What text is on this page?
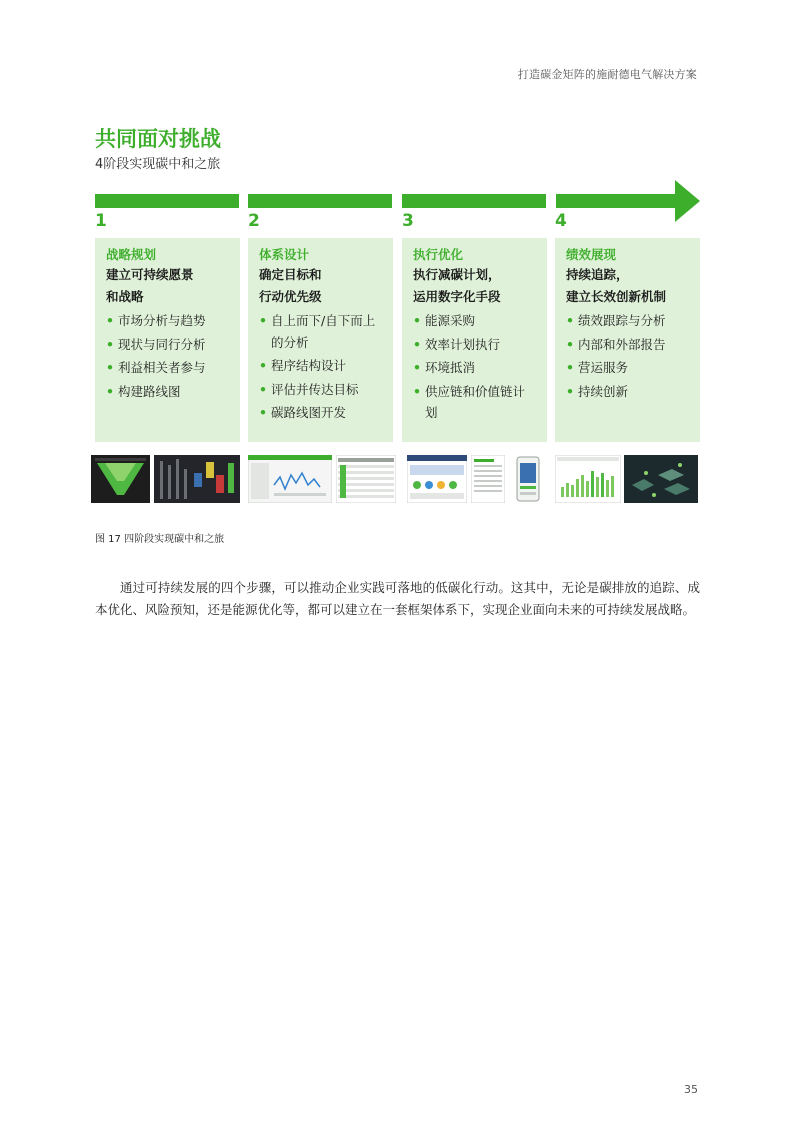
打造碳金矩阵的施耐德电气解决方案
共同面对挑战
4阶段实现碳中和之旅
1
战略规划
建立可持续愿景
和战略
• 市场分析与趋势
• 现状与同行分析
• 利益相关者参与
• 构建路线图
2
体系设计
确定目标和
行动优先级
• 自上而下/自下而上的分析
• 程序结构设计
• 评估并传达目标
• 碳路线图开发
3
执行优化
执行减碳计划，
运用数字化手段
• 能源采购
• 效率计划执行
• 环境抵消
• 供应链和价值链计划
4
绩效展现
持续追踪，
建立长效创新机制
• 绩效跟踪与分析
• 内部和外部报告
• 营运服务
• 持续创新
图 17 四阶段实现碳中和之旅

通过可持续发展的四个步骤，可以推动企业实践可落地的低碳化行动。这其中，无论是碳排放的追踪、成本优化、风险预知，还是能源优化等，都可以建立在一套框架体系下，实现企业面向未来的可持续发展战略。

35
